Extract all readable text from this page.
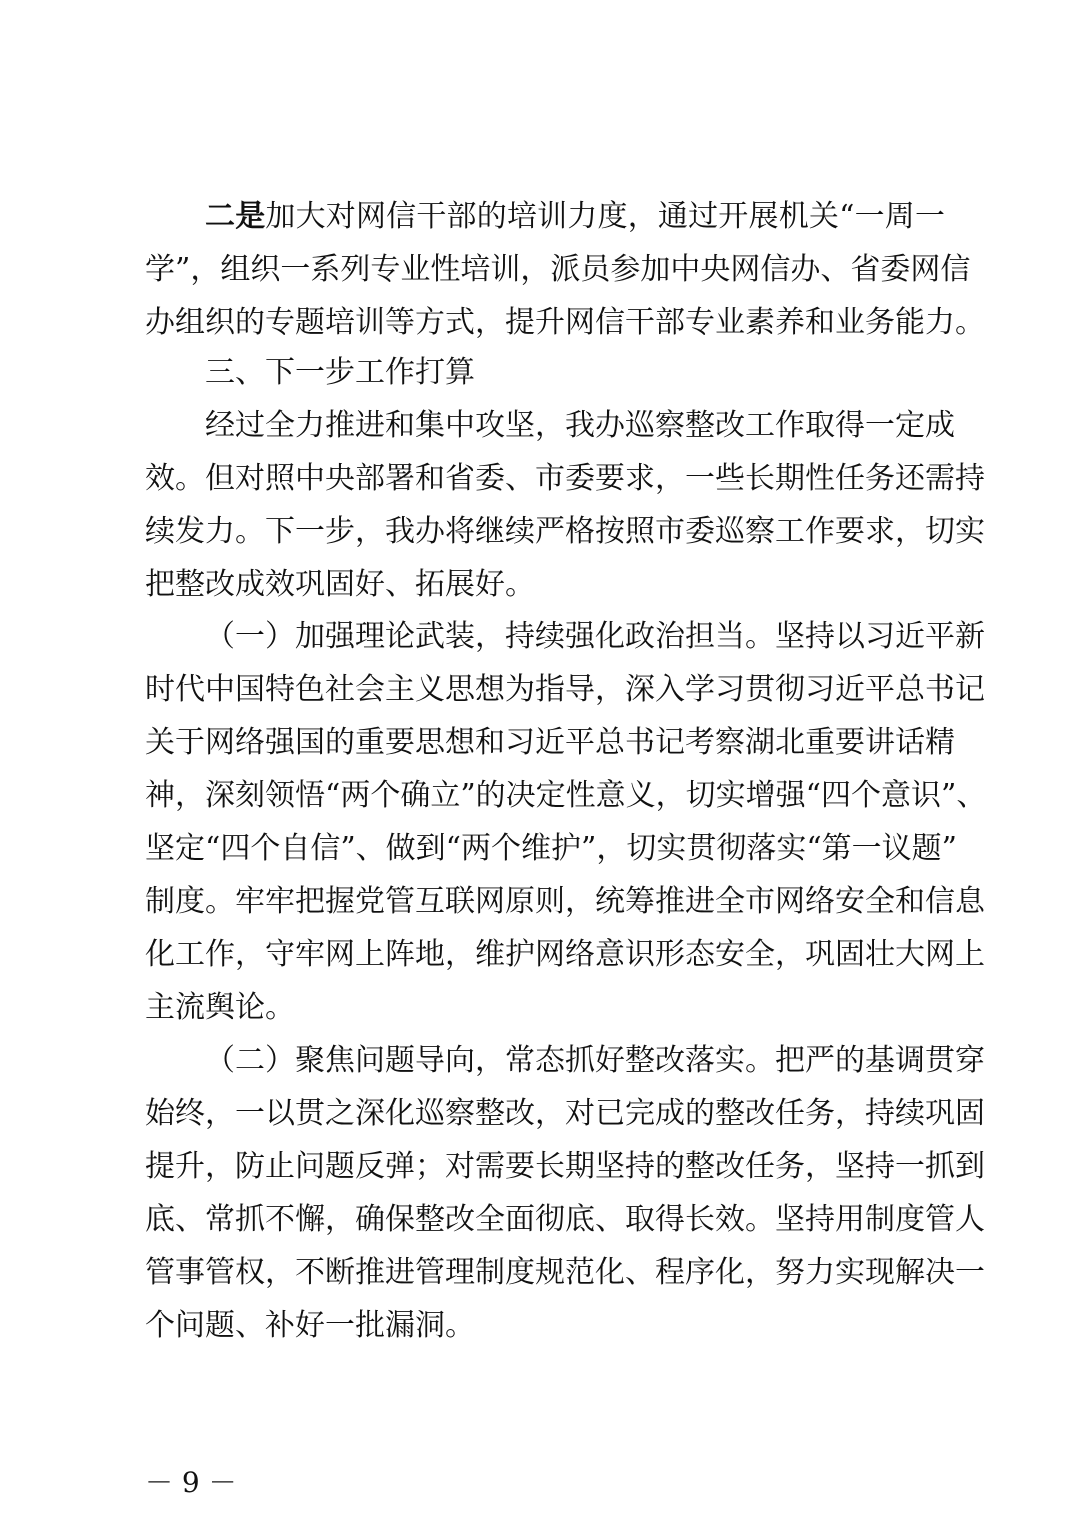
二是加大对网信干部的培训力度，通过开展机关“一周一
学”，组织一系列专业性培训，派员参加中央网信办、省委网信
办组织的专题培训等方式，提升网信干部专业素养和业务能力。
三、下一步工作打算
经过全力推进和集中攻坚，我办巡察整改工作取得一定成
效。但对照中央部署和省委、市委要求，一些长期性任务还需持
续发力。下一步，我办将继续严格按照市委巡察工作要求，切实
把整改成效巩固好、拓展好。
（一）加强理论武装，持续强化政治担当。坚持以习近平新
时代中国特色社会主义思想为指导，深入学习贯彻习近平总书记
关于网络强国的重要思想和习近平总书记考察湖北重要讲话精
神，深刻领悟“两个确立”的决定性意义，切实增强“四个意识”、
坚定“四个自信”、做到“两个维护”，切实贯彻落实“第一议题”
制度。牢牢把握党管互联网原则，统筹推进全市网络安全和信息
化工作，守牢网上阵地，维护网络意识形态安全，巩固壮大网上
主流舆论。
（二）聚焦问题导向，常态抓好整改落实。把严的基调贯穿
始终，一以贯之深化巡察整改，对已完成的整改任务，持续巩固
提升，防止问题反弹；对需要长期坚持的整改任务，坚持一抓到
底、常抓不懈，确保整改全面彻底、取得长效。坚持用制度管人
管事管权，不断推进管理制度规范化、程序化，努力实现解决一
个问题、补好一批漏洞。
－ 9 －
